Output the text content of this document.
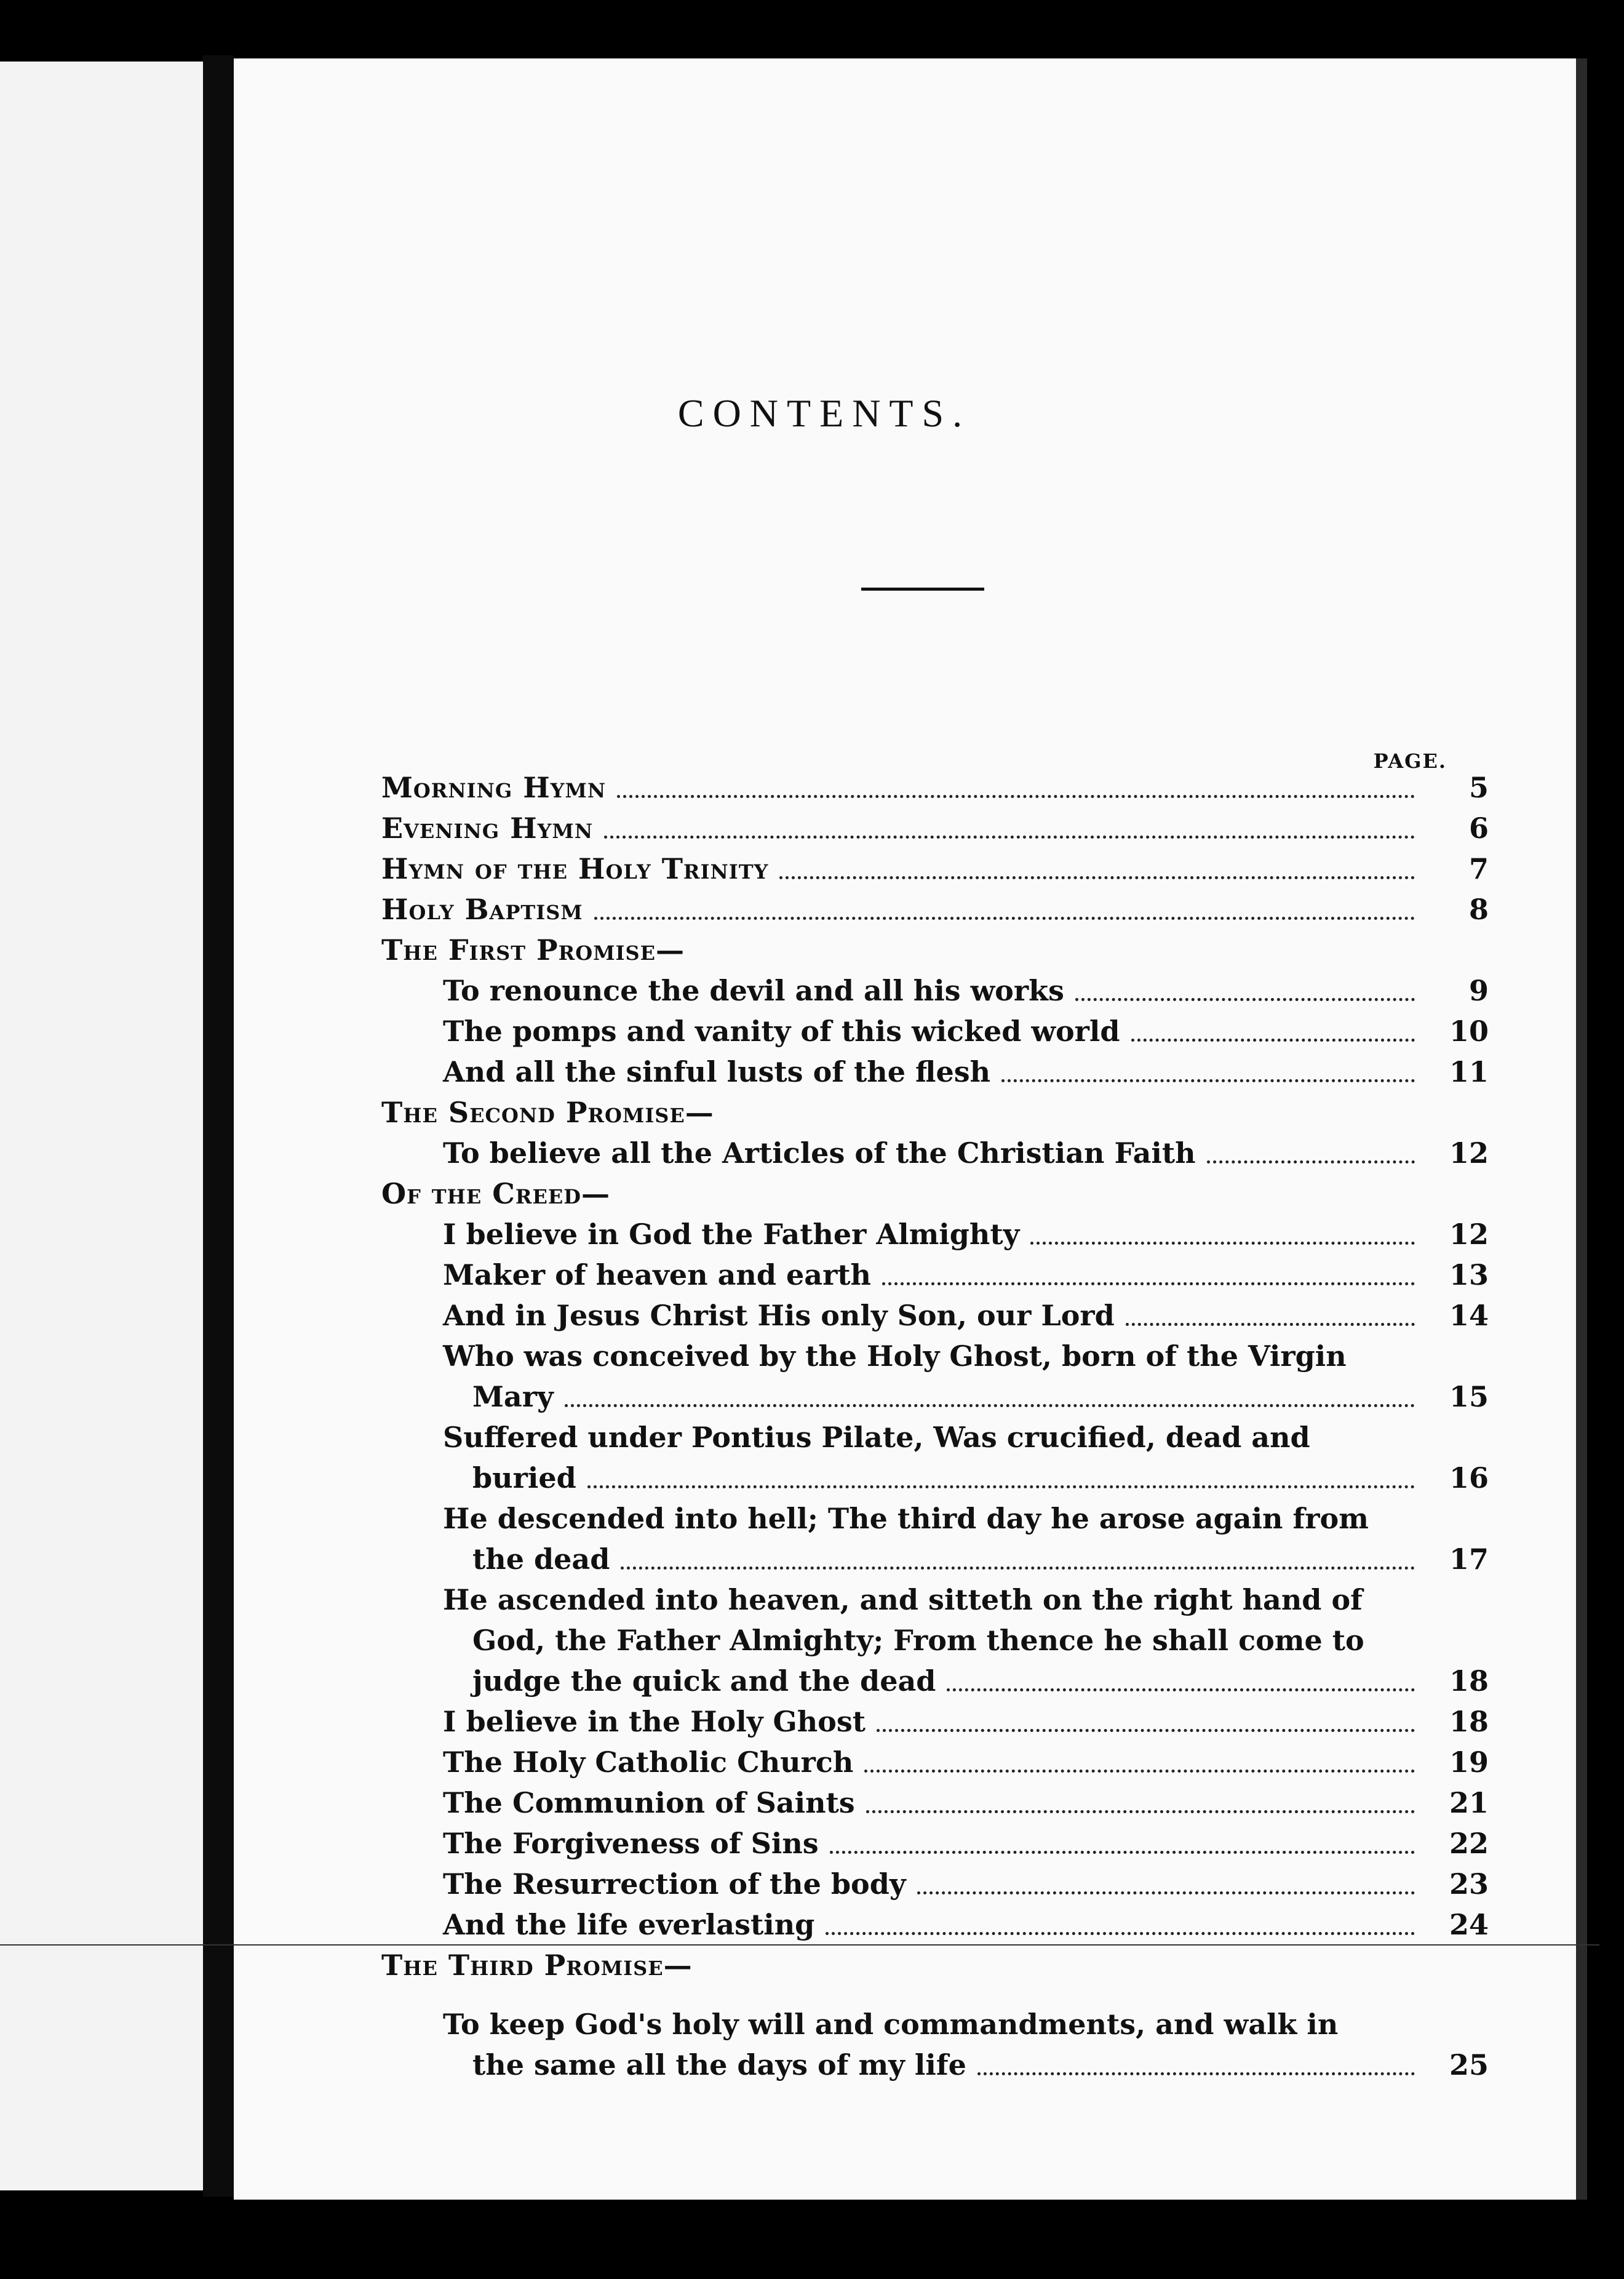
CONTENTS.
PAGE.
Morning Hymn	5
Evening Hymn	6
Hymn of the Holy Trinity	7
Holy Baptism	8
The First Promise—
To renounce the devil and all his works	9
The pomps and vanity of this wicked world	10
And all the sinful lusts of the flesh	11
The Second Promise—
To believe all the Articles of the Christian Faith	12
Of the Creed—
I believe in God the Father Almighty	12
Maker of heaven and earth	13
And in Jesus Christ His only Son, our Lord	14
Who was conceived by the Holy Ghost, born of the Virgin
Mary	15
Suffered under Pontius Pilate, Was crucified, dead and
buried	16
He descended into hell; The third day he arose again from
the dead	17
He ascended into heaven, and sitteth on the right hand of
God, the Father Almighty; From thence he shall come to
judge the quick and the dead	18
I believe in the Holy Ghost	18
The Holy Catholic Church	19
The Communion of Saints	21
The Forgiveness of Sins	22
The Resurrection of the body	23
And the life everlasting	24
The Third Promise—
To keep God's holy will and commandments, and walk in
the same all the days of my life	25
